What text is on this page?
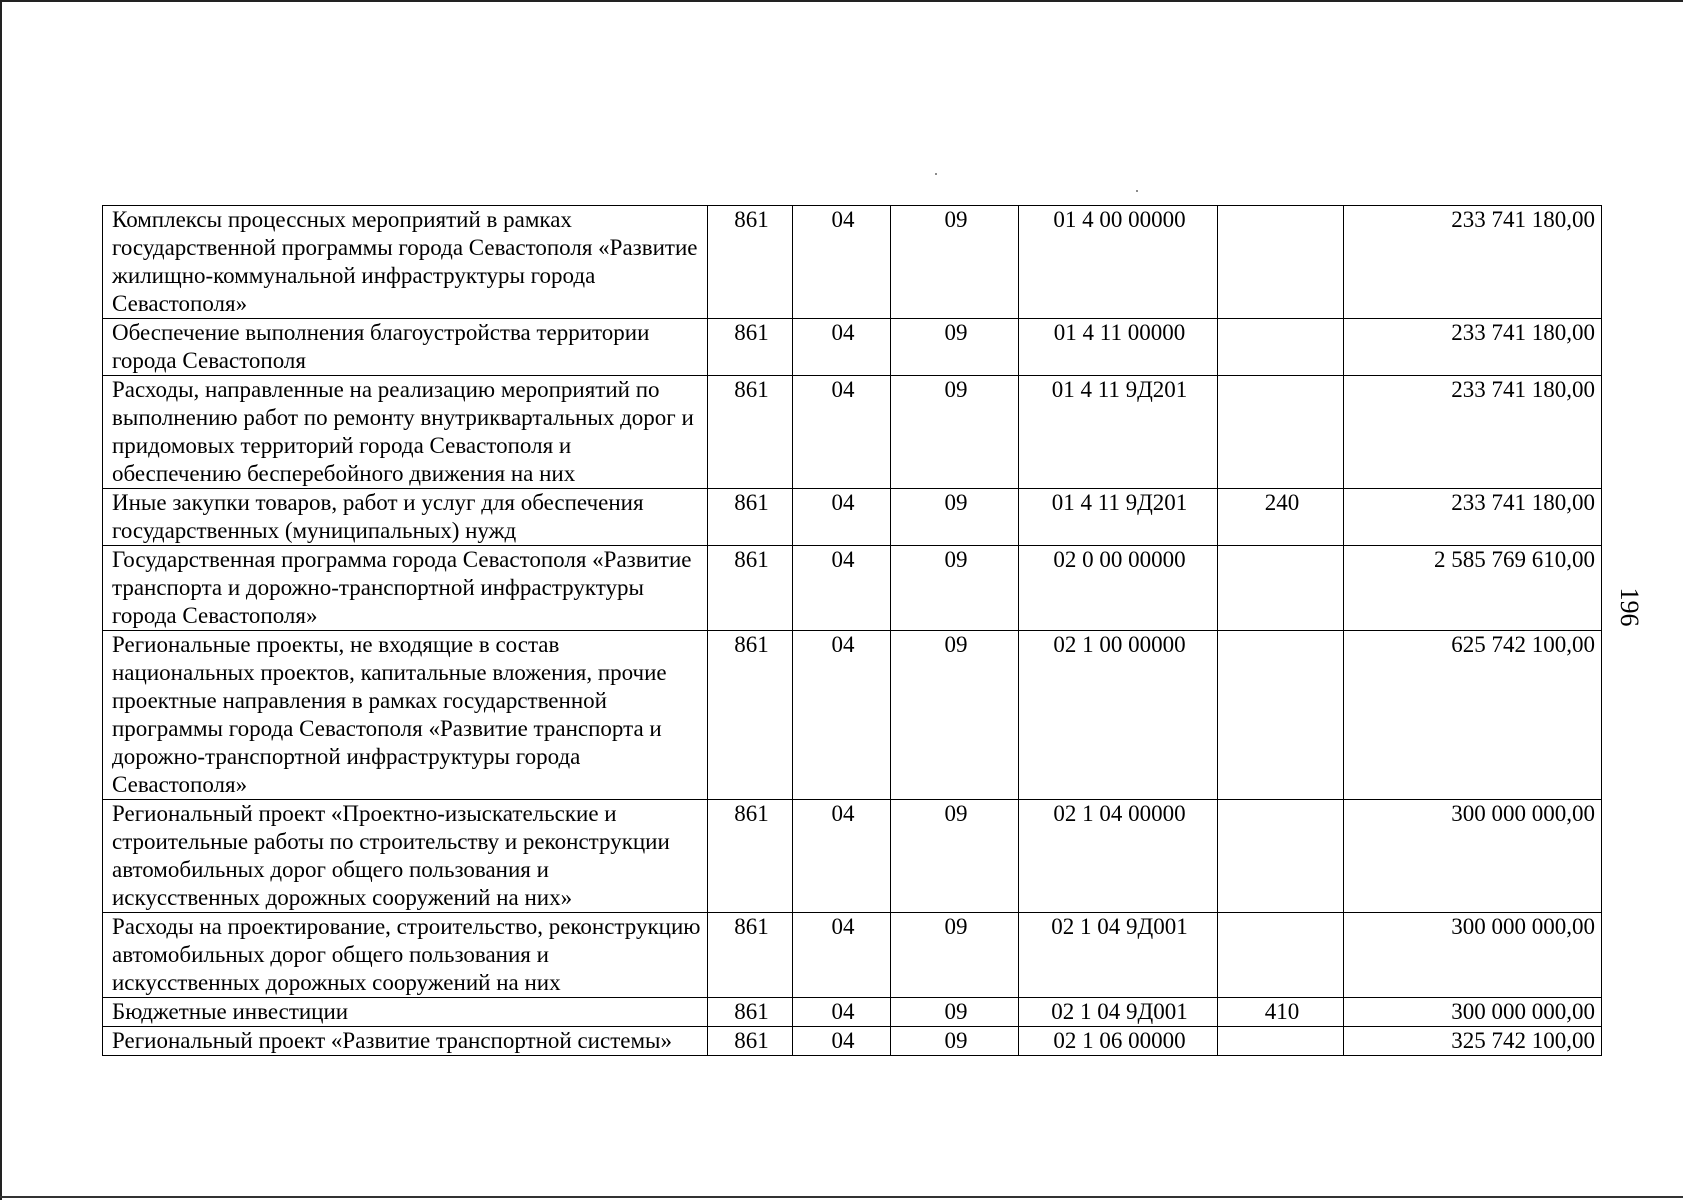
Комплексы процессных мероприятий в рамках государственной программы города Севастополя «Развитие жилищно-коммунальной инфраструктуры города Севастополя»	861	04	09	01 4 00 00000		233 741 180,00
Обеспечение выполнения благоустройства территории города Севастополя	861	04	09	01 4 11 00000		233 741 180,00
Расходы, направленные на реализацию мероприятий по выполнению работ по ремонту внутриквартальных дорог и придомовых территорий города Севастополя и обеспечению бесперебойного движения на них	861	04	09	01 4 11 9Д201		233 741 180,00
Иные закупки товаров, работ и услуг для обеспечения государственных (муниципальных) нужд	861	04	09	01 4 11 9Д201	240	233 741 180,00
Государственная программа города Севастополя «Развитие транспорта и дорожно-транспортной инфраструктуры города Севастополя»	861	04	09	02 0 00 00000		2 585 769 610,00
Региональные проекты, не входящие в состав национальных проектов, капитальные вложения, прочие проектные направления в рамках государственной программы города Севастополя «Развитие транспорта и дорожно-транспортной инфраструктуры города Севастополя»	861	04	09	02 1 00 00000		625 742 100,00
Региональный проект «Проектно-изыскательские и строительные работы по строительству и реконструкции автомобильных дорог общего пользования и искусственных дорожных сооружений на них»	861	04	09	02 1 04 00000		300 000 000,00
Расходы на проектирование, строительство, реконструкцию автомобильных дорог общего пользования и искусственных дорожных сооружений на них	861	04	09	02 1 04 9Д001		300 000 000,00
Бюджетные инвестиции	861	04	09	02 1 04 9Д001	410	300 000 000,00
Региональный проект «Развитие транспортной системы»	861	04	09	02 1 06 00000		325 742 100,00
196
